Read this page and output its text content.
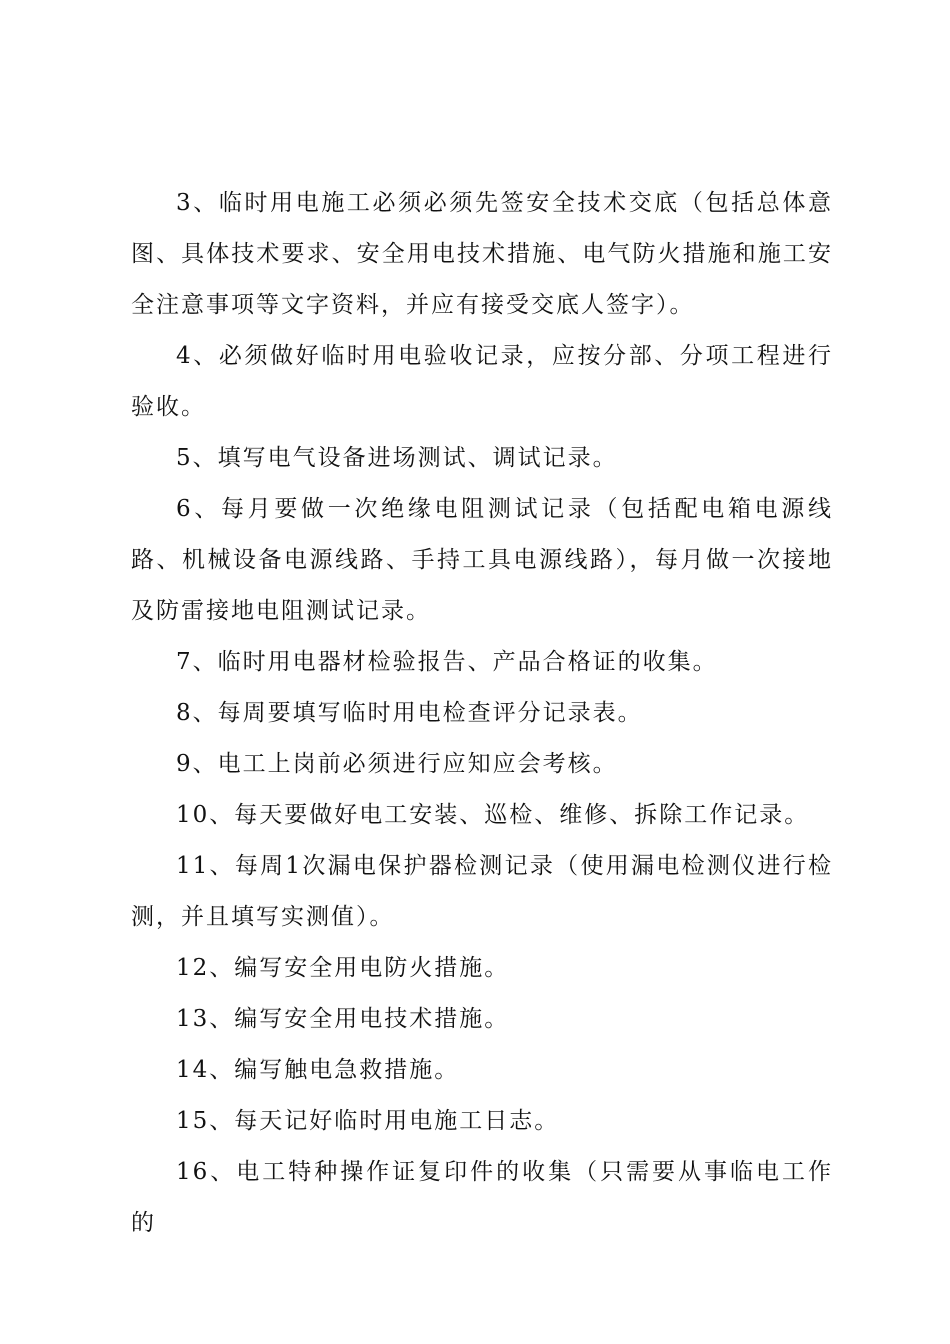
3、临时用电施工必须必须先签安全技术交底（包括总体意图、具体技术要求、安全用电技术措施、电气防火措施和施工安全注意事项等文字资料，并应有接受交底人签字）。

4、必须做好临时用电验收记录，应按分部、分项工程进行验收。

5、填写电气设备进场测试、调试记录。

6、每月要做一次绝缘电阻测试记录（包括配电箱电源线路、机械设备电源线路、手持工具电源线路），每月做一次接地及防雷接地电阻测试记录。

7、临时用电器材检验报告、产品合格证的收集。

8、每周要填写临时用电检查评分记录表。

9、电工上岗前必须进行应知应会考核。

10、每天要做好电工安装、巡检、维修、拆除工作记录。

11、每周1次漏电保护器检测记录（使用漏电检测仪进行检测，并且填写实测值）。

12、编写安全用电防火措施。

13、编写安全用电技术措施。

14、编写触电急救措施。

15、每天记好临时用电施工日志。

16、电工特种操作证复印件的收集（只需要从事临电工作的
